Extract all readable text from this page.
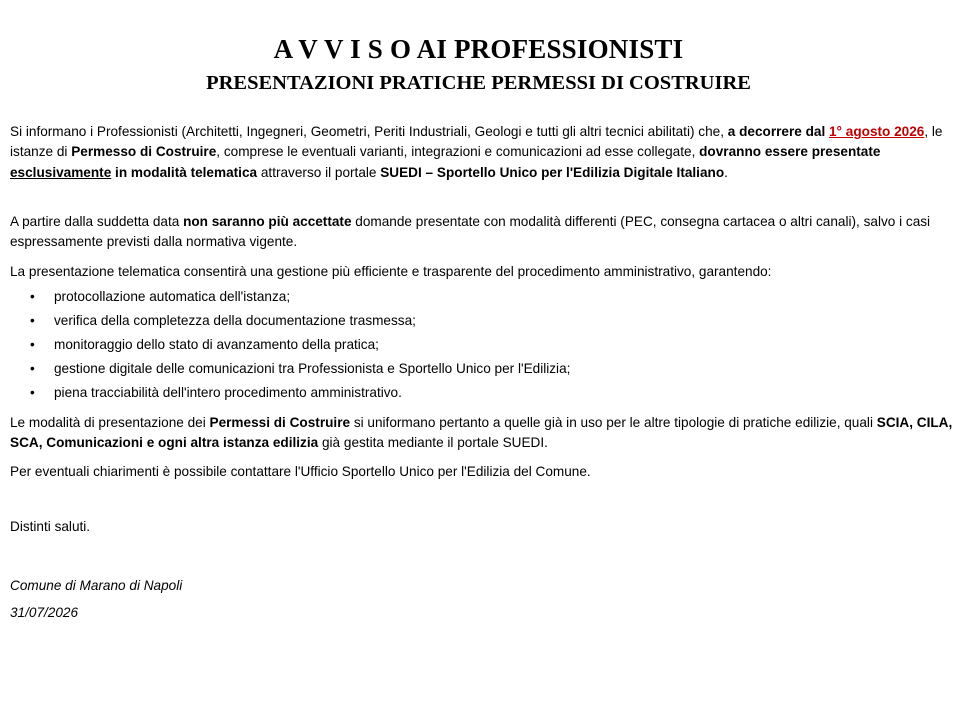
A V V I S O AI PROFESSIONISTI
PRESENTAZIONI PRATICHE PERMESSI DI COSTRUIRE

Si informano i Professionisti (Architetti, Ingegneri, Geometri, Periti Industriali, Geologi e tutti gli altri tecnici abilitati) che, a decorrere dal 1° agosto 2026, le istanze di Permesso di Costruire, comprese le eventuali varianti, integrazioni e comunicazioni ad esse collegate, dovranno essere presentate esclusivamente in modalità telematica attraverso il portale SUEDI – Sportello Unico per l'Edilizia Digitale Italiano.

A partire dalla suddetta data non saranno più accettate domande presentate con modalità differenti (PEC, consegna cartacea o altri canali), salvo i casi espressamente previsti dalla normativa vigente.

La presentazione telematica consentirà una gestione più efficiente e trasparente del procedimento amministrativo, garantendo:

• protocollazione automatica dell'istanza;
• verifica della completezza della documentazione trasmessa;
• monitoraggio dello stato di avanzamento della pratica;
• gestione digitale delle comunicazioni tra Professionista e Sportello Unico per l'Edilizia;
• piena tracciabilità dell'intero procedimento amministrativo.

Le modalità di presentazione dei Permessi di Costruire si uniformano pertanto a quelle già in uso per le altre tipologie di pratiche edilizie, quali SCIA, CILA, SCA, Comunicazioni e ogni altra istanza edilizia già gestita mediante il portale SUEDI.

Per eventuali chiarimenti è possibile contattare l'Ufficio Sportello Unico per l'Edilizia del Comune.

Distinti saluti.

Comune di Marano di Napoli

31/07/2026
